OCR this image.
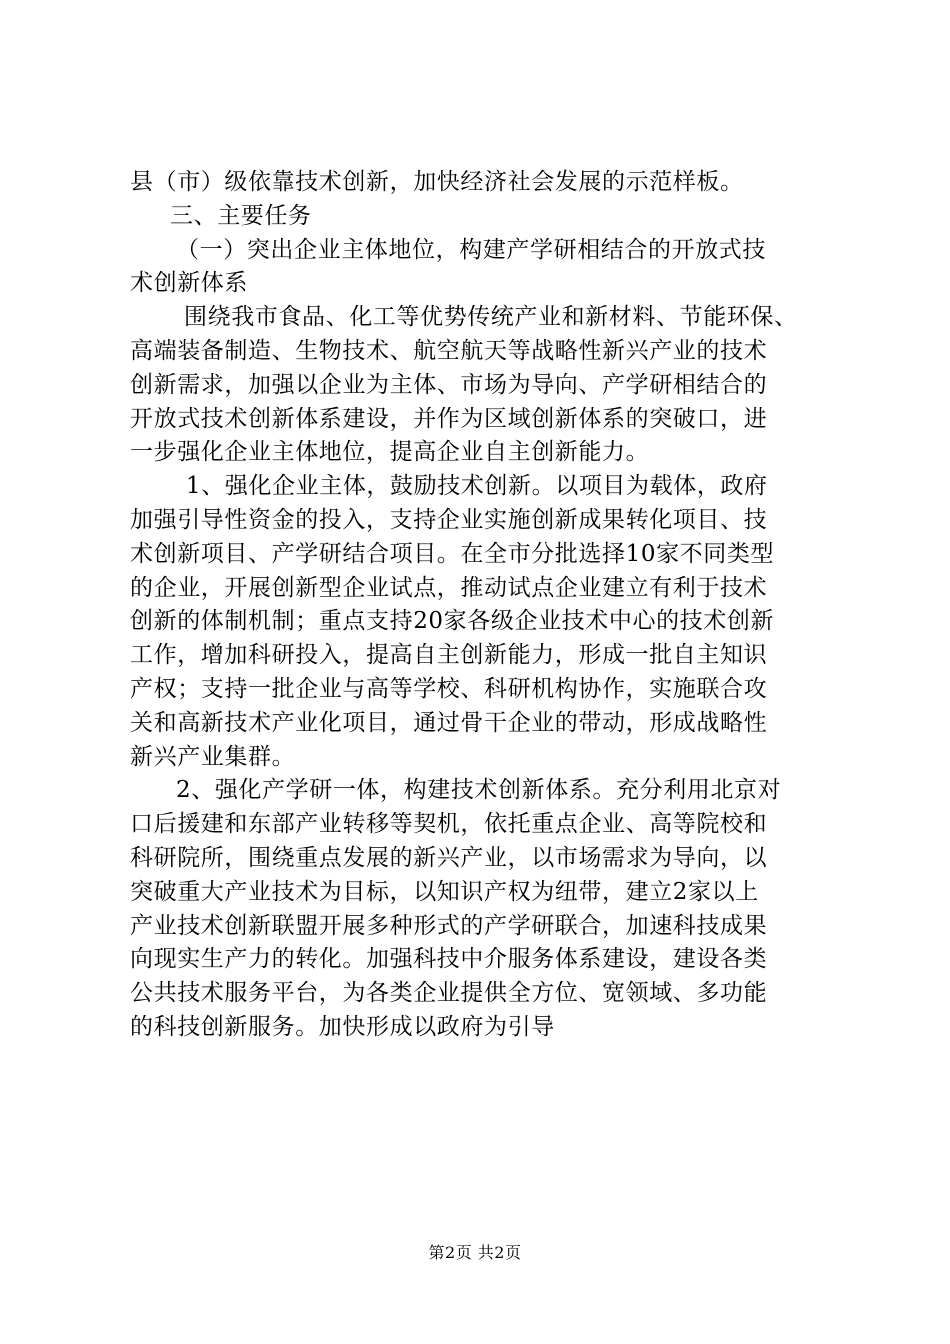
县（市）级依靠技术创新，加快经济社会发展的示范样板。
三、主要任务
（一）突出企业主体地位，构建产学研相结合的开放式技
术创新体系
围绕我市食品、化工等优势传统产业和新材料、节能环保、
高端装备制造、生物技术、航空航天等战略性新兴产业的技术
创新需求，加强以企业为主体、市场为导向、产学研相结合的
开放式技术创新体系建设，并作为区域创新体系的突破口，进
一步强化企业主体地位，提高企业自主创新能力。
1、强化企业主体，鼓励技术创新。以项目为载体，政府
加强引导性资金的投入，支持企业实施创新成果转化项目、技
术创新项目、产学研结合项目。在全市分批选择10家不同类型
的企业，开展创新型企业试点，推动试点企业建立有利于技术
创新的体制机制；重点支持20家各级企业技术中心的技术创新
工作，增加科研投入，提高自主创新能力，形成一批自主知识
产权；支持一批企业与高等学校、科研机构协作，实施联合攻
关和高新技术产业化项目，通过骨干企业的带动，形成战略性
新兴产业集群。
2、强化产学研一体，构建技术创新体系。充分利用北京对
口后援建和东部产业转移等契机，依托重点企业、高等院校和
科研院所，围绕重点发展的新兴产业，以市场需求为导向，以
突破重大产业技术为目标，以知识产权为纽带，建立2家以上
产业技术创新联盟开展多种形式的产学研联合，加速科技成果
向现实生产力的转化。加强科技中介服务体系建设，建设各类
公共技术服务平台，为各类企业提供全方位、宽领域、多功能
的科技创新服务。加快形成以政府为引导
第2页 共2页
